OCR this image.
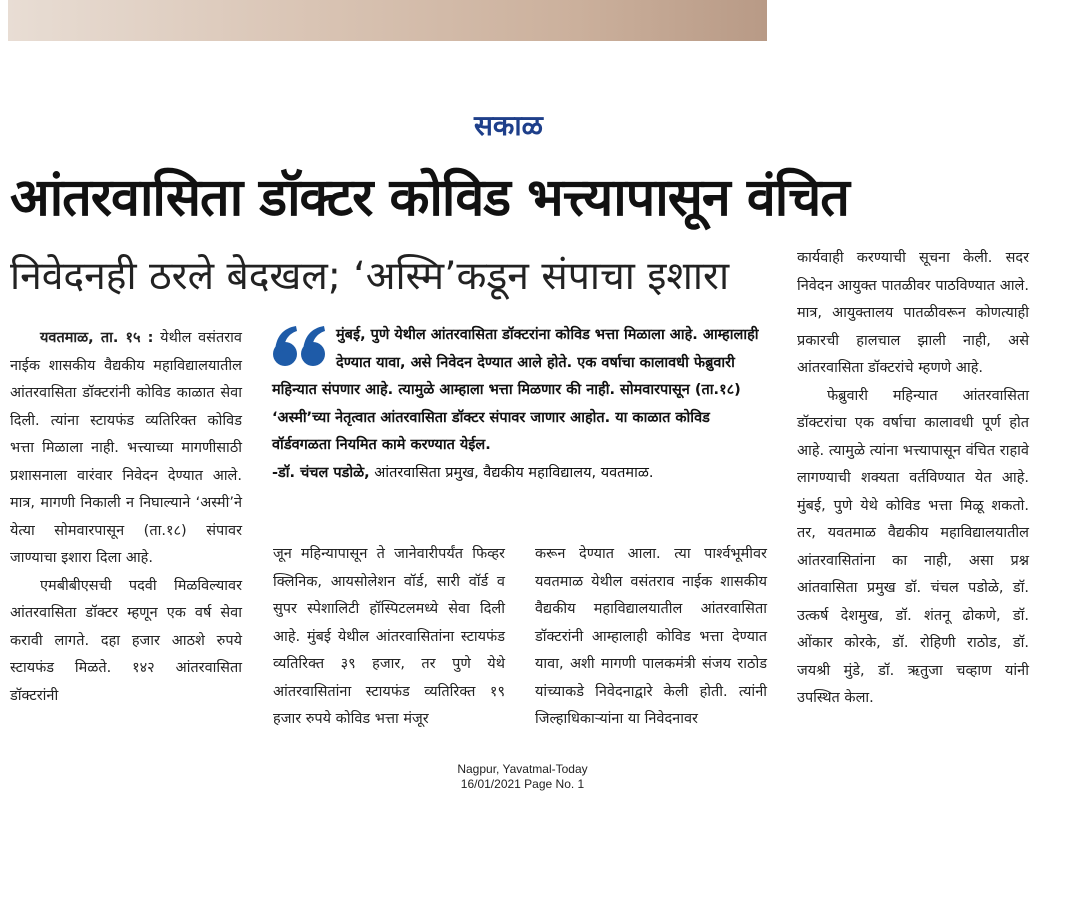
सकाळ
आंतरवासिता डॉक्टर कोविड भत्त्यापासून वंचित
निवेदनही ठरले बेदखल; ‘अस्मि’कडून संपाचा इशारा

यवतमाळ, ता. १५ : येथील वसंतराव नाईक शासकीय वैद्यकीय महाविद्यालयातील आंतरवासिता डॉक्टरांनी कोविड काळात सेवा दिली. त्यांना स्टायफंड व्यतिरिक्त कोविड भत्ता मिळाला नाही. भत्त्याच्या मागणीसाठी प्रशासनाला वारंवार निवेदन देण्यात आले. मात्र, मागणी निकाली न निघाल्याने ‘अस्मी’ने येत्या सोमवारपासून (ता.१८) संपावर जाण्याचा इशारा दिला आहे.

एमबीबीएसची पदवी मिळविल्यावर आंतरवासिता डॉक्टर म्हणून एक वर्ष सेवा करावी लागते. दहा हजार आठशे रुपये स्टायफंड मिळते. १४२ आंतरवासिता डॉक्टरांनी

मुंबई, पुणे येथील आंतरवासिता डॉक्टरांना कोविड भत्ता मिळाला आहे. आम्हालाही देण्यात यावा, असे निवेदन देण्यात आले होते. एक वर्षाचा कालावधी फेब्रुवारी महिन्यात संपणार आहे. त्यामुळे आम्हाला भत्ता मिळणार की नाही. सोमवारपासून (ता.१८) ‘अस्मी’च्या नेतृत्वात आंतरवासिता डॉक्टर संपावर जाणार आहोत. या काळात कोविड वॉर्डवगळता नियमित कामे करण्यात येईल.
-डॉ. चंचल पडोळे, आंतरवासिता प्रमुख, वैद्यकीय महाविद्यालय, यवतमाळ.

जून महिन्यापासून ते जानेवारीपर्यंत फिव्हर क्लिनिक, आयसोलेशन वॉर्ड, सारी वॉर्ड व सुपर स्पेशालिटी हॉस्पिटलमध्ये सेवा दिली आहे. मुंबई येथील आंतरवासितांना स्टायफंड व्यतिरिक्त ३९ हजार, तर पुणे येथे आंतरवासितांना स्टायफंड व्यतिरिक्त १९ हजार रुपये कोविड भत्ता मंजूर

करून देण्यात आला. त्या पार्श्वभूमीवर यवतमाळ येथील वसंतराव नाईक शासकीय वैद्यकीय महाविद्यालयातील आंतरवासिता डॉक्टरांनी आम्हालाही कोविड भत्ता देण्यात यावा, अशी मागणी पालकमंत्री संजय राठोड यांच्याकडे निवेदनाद्वारे केली होती. त्यांनी जिल्हाधिकाऱ्यांना या निवेदनावर

कार्यवाही करण्याची सूचना केली. सदर निवेदन आयुक्त पातळीवर पाठविण्यात आले. मात्र, आयुक्तालय पातळीवरून कोणत्याही प्रकारची हालचाल झाली नाही, असे आंतरवासिता डॉक्टरांचे म्हणणे आहे.

फेब्रुवारी महिन्यात आंतरवासिता डॉक्टरांचा एक वर्षाचा कालावधी पूर्ण होत आहे. त्यामुळे त्यांना भत्त्यापासून वंचित राहावे लागण्याची शक्यता वर्तविण्यात येत आहे. मुंबई, पुणे येथे कोविड भत्ता मिळू शकतो. तर, यवतमाळ वैद्यकीय महाविद्यालयातील आंतरवासितांना का नाही, असा प्रश्न आंतवासिता प्रमुख डॉ. चंचल पडोळे, डॉ. उत्कर्ष देशमुख, डॉ. शंतनू ढोकणे, डॉ. ओंकार कोरके, डॉ. रोहिणी राठोड, डॉ. जयश्री मुंडे, डॉ. ऋतुजा चव्हाण यांनी उपस्थित केला.

Nagpur, Yavatmal-Today
16/01/2021 Page No. 1
